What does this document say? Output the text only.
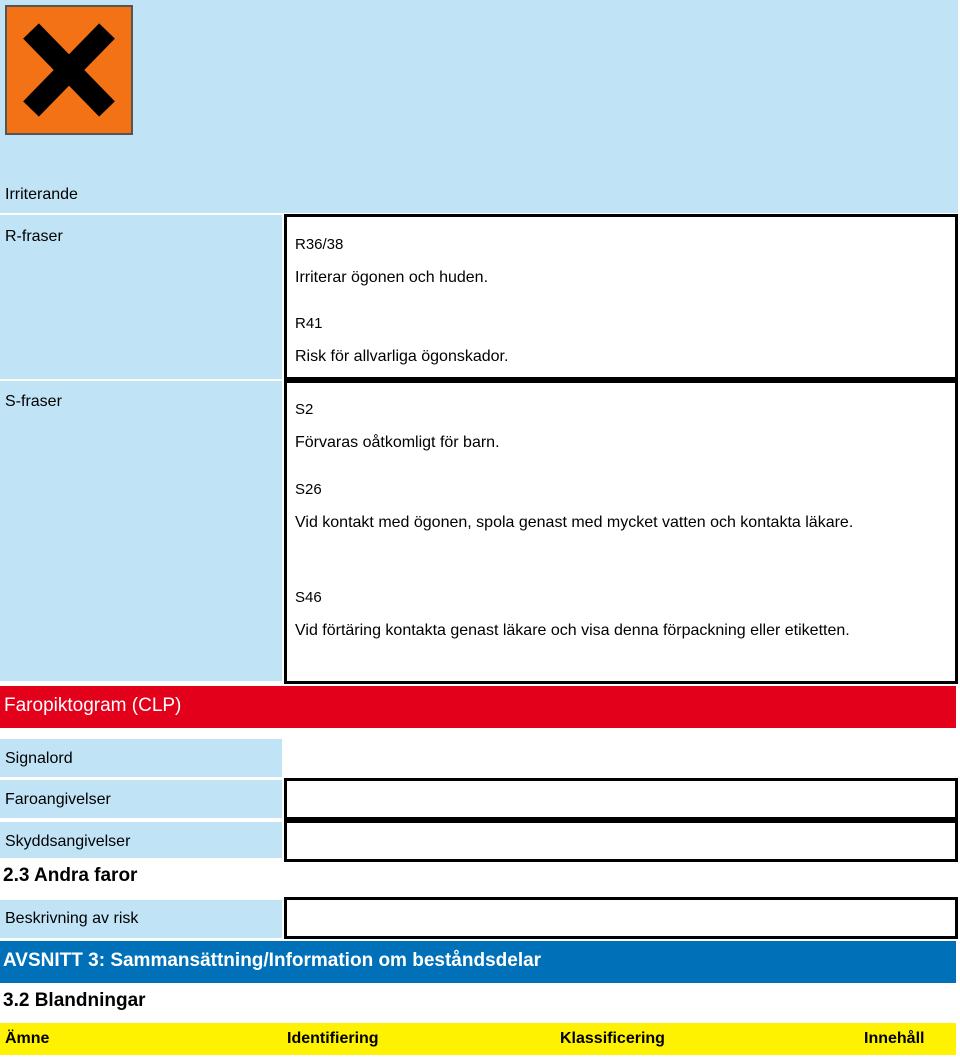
Irriterande
R-fraser	R36/38
Irriterar ögonen och huden.
R41
Risk för allvarliga ögonskador.
S-fraser	S2
Förvaras oåtkomligt för barn.
S26
Vid kontakt med ögonen, spola genast med mycket vatten och kontakta läkare.
S46
Vid förtäring kontakta genast läkare och visa denna förpackning eller etiketten.
Faropiktogram (CLP)
Signalord
Faroangivelser
Skyddsangivelser
2.3 Andra faror
Beskrivning av risk
AVSNITT 3: Sammansättning/Information om beståndsdelar
3.2 Blandningar
Ämne	Identifiering	Klassificering	Innehåll
